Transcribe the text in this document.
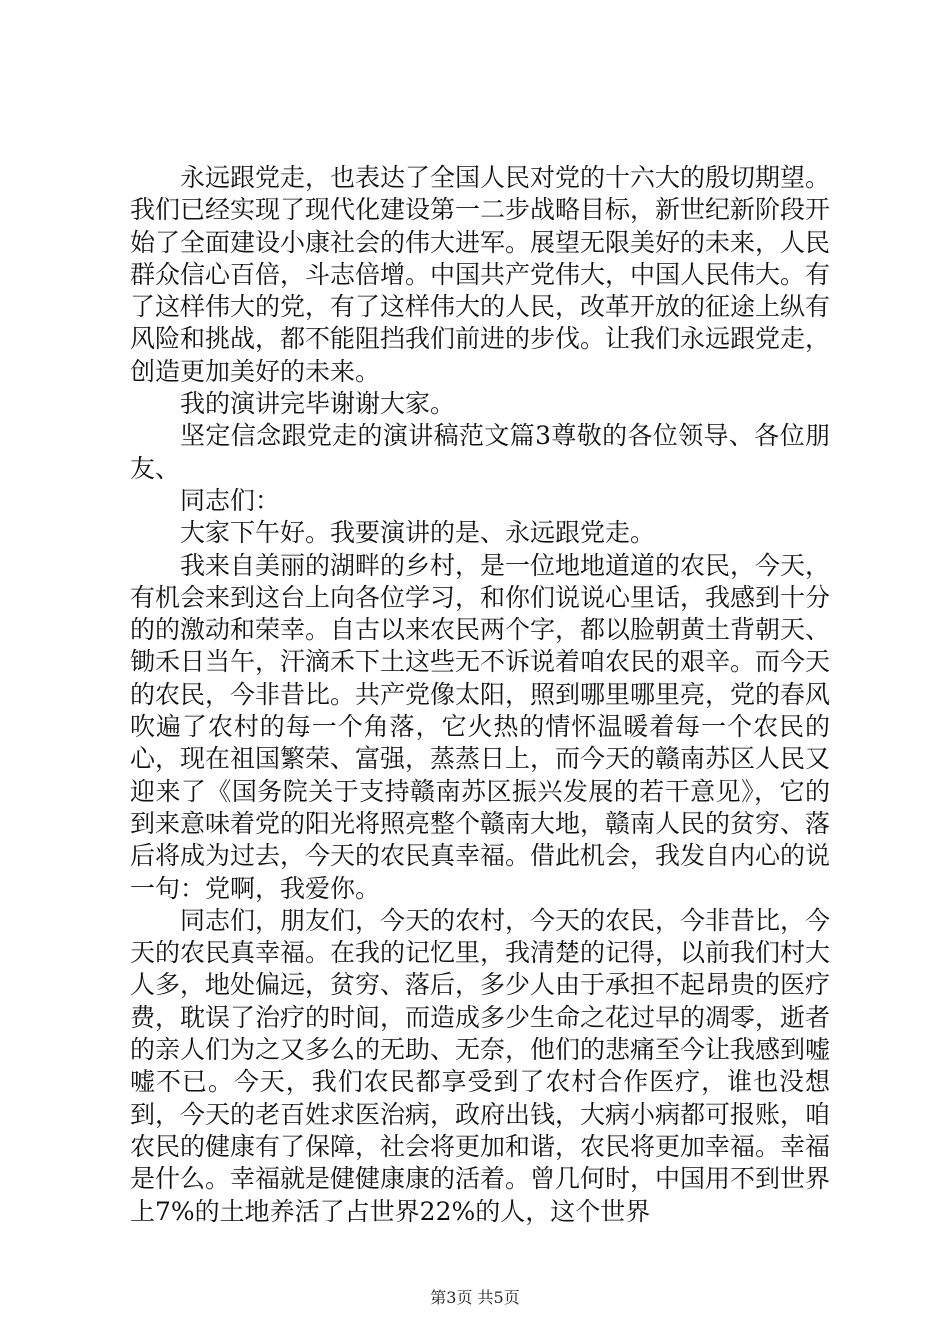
永远跟党走，也表达了全国人民对党的十六大的殷切期望。我们已经实现了现代化建设第一二步战略目标，新世纪新阶段开始了全面建设小康社会的伟大进军。展望无限美好的未来，人民群众信心百倍，斗志倍增。中国共产党伟大，中国人民伟大。有了这样伟大的党，有了这样伟大的人民，改革开放的征途上纵有风险和挑战，都不能阻挡我们前进的步伐。让我们永远跟党走，创造更加美好的未来。

我的演讲完毕谢谢大家。

坚定信念跟党走的演讲稿范文篇3尊敬的各位领导、各位朋友、

同志们：

大家下午好。我要演讲的是、永远跟党走。

我来自美丽的湖畔的乡村，是一位地地道道的农民，今天，有机会来到这台上向各位学习，和你们说说心里话，我感到十分的的激动和荣幸。自古以来农民两个字，都以脸朝黄土背朝天、锄禾日当午，汗滴禾下土这些无不诉说着咱农民的艰辛。而今天的农民，今非昔比。共产党像太阳，照到哪里哪里亮，党的春风吹遍了农村的每一个角落，它火热的情怀温暖着每一个农民的心，现在祖国繁荣、富强，蒸蒸日上，而今天的赣南苏区人民又迎来了《国务院关于支持赣南苏区振兴发展的若干意见》，它的到来意味着党的阳光将照亮整个赣南大地，赣南人民的贫穷、落后将成为过去，今天的农民真幸福。借此机会，我发自内心的说一句：党啊，我爱你。

同志们，朋友们，今天的农村，今天的农民，今非昔比，今天的农民真幸福。在我的记忆里，我清楚的记得，以前我们村大人多，地处偏远，贫穷、落后，多少人由于承担不起昂贵的医疗费，耽误了治疗的时间，而造成多少生命之花过早的凋零，逝者的亲人们为之又多么的无助、无奈，他们的悲痛至今让我感到嘘嘘不已。今天，我们农民都享受到了农村合作医疗，谁也没想到，今天的老百姓求医治病，政府出钱，大病小病都可报账，咱农民的健康有了保障，社会将更加和谐，农民将更加幸福。幸福是什么。幸福就是健健康康的活着。曾几何时，中国用不到世界上7%的土地养活了占世界22%的人，这个世界

第3页 共5页
